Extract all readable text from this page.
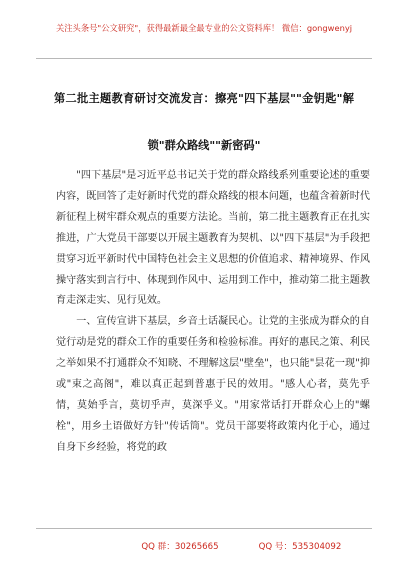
关注头条号"公文研究"，获得最新最全最专业的公文资料库！ 微信：gongwenyj
第二批主题教育研讨交流发言：擦亮"四下基层""金钥匙"解锁"群众路线""新密码"

"四下基层"是习近平总书记关于党的群众路线系列重要论述的重要内容，既回答了走好新时代党的群众路线的根本问题，也蕴含着新时代新征程上树牢群众观点的重要方法论。当前，第二批主题教育正在扎实推进，广大党员干部要以开展主题教育为契机、以"四下基层"为手段把贯穿习近平新时代中国特色社会主义思想的价值追求、精神境界、作风操守落实到言行中、体现到作风中、运用到工作中，推动第二批主题教育走深走实、见行见效。

一、宣传宣讲下基层，乡音土话凝民心。让党的主张成为群众的自觉行动是党的群众工作的重要任务和检验标准。再好的惠民之策、利民之举如果不打通群众不知晓、不理解这层"壁垒"，也只能"昙花一现"抑或"束之高阁"，难以真正起到普惠于民的效用。"感人心者，莫先乎情，莫始乎言，莫切乎声，莫深乎义。"用家常话打开群众心上的"螺栓"，用乡土语做好方针"传话筒"。党员干部要将政策内化于心，通过自身下乡经验，将党的政

QQ 群：30265665	QQ 号：535304092
